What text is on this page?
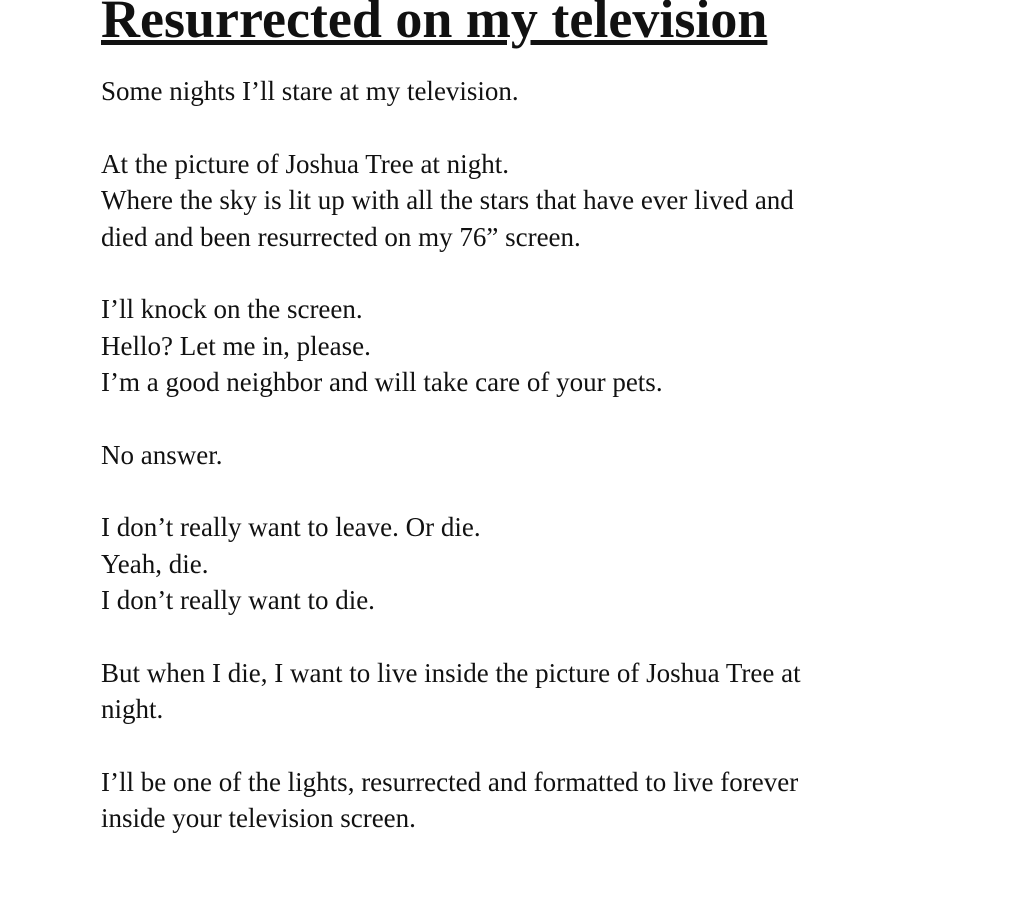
Resurrected on my television
Some nights I’ll stare at my television.
At the picture of Joshua Tree at night.
Where the sky is lit up with all the stars that have ever lived and
died and been resurrected on my 76” screen.
I’ll knock on the screen.
Hello? Let me in, please.
I’m a good neighbor and will take care of your pets.
No answer.
I don’t really want to leave. Or die.
Yeah, die.
I don’t really want to die.
But when I die, I want to live inside the picture of Joshua Tree at
night.
I’ll be one of the lights, resurrected and formatted to live forever
inside your television screen.
